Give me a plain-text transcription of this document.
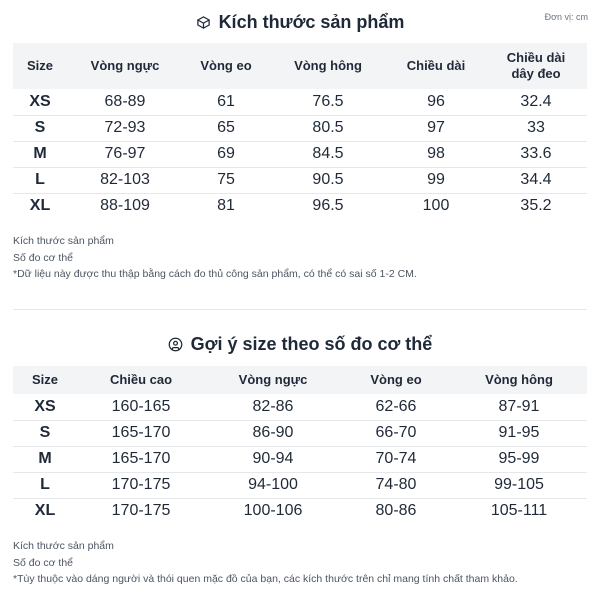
Kích thước sản phẩm	Đơn vị: cm
Size	Vòng ngực	Vòng eo	Vòng hông	Chiều dài	Chiều dài dây đeo
XS	68-89	61	76.5	96	32.4
S	72-93	65	80.5	97	33
M	76-97	69	84.5	98	33.6
L	82-103	75	90.5	99	34.4
XL	88-109	81	96.5	100	35.2
Kích thước sản phẩm
Số đo cơ thể
*Dữ liệu này được thu thập bằng cách đo thủ công sản phẩm, có thể có sai số 1-2 CM.
Gợi ý size theo số đo cơ thể
Size	Chiều cao	Vòng ngực	Vòng eo	Vòng hông
XS	160-165	82-86	62-66	87-91
S	165-170	86-90	66-70	91-95
M	165-170	90-94	70-74	95-99
L	170-175	94-100	74-80	99-105
XL	170-175	100-106	80-86	105-111
Kích thước sản phẩm
Số đo cơ thể
*Tùy thuộc vào dáng người và thói quen mặc đồ của bạn, các kích thước trên chỉ mang tính chất tham khảo.
